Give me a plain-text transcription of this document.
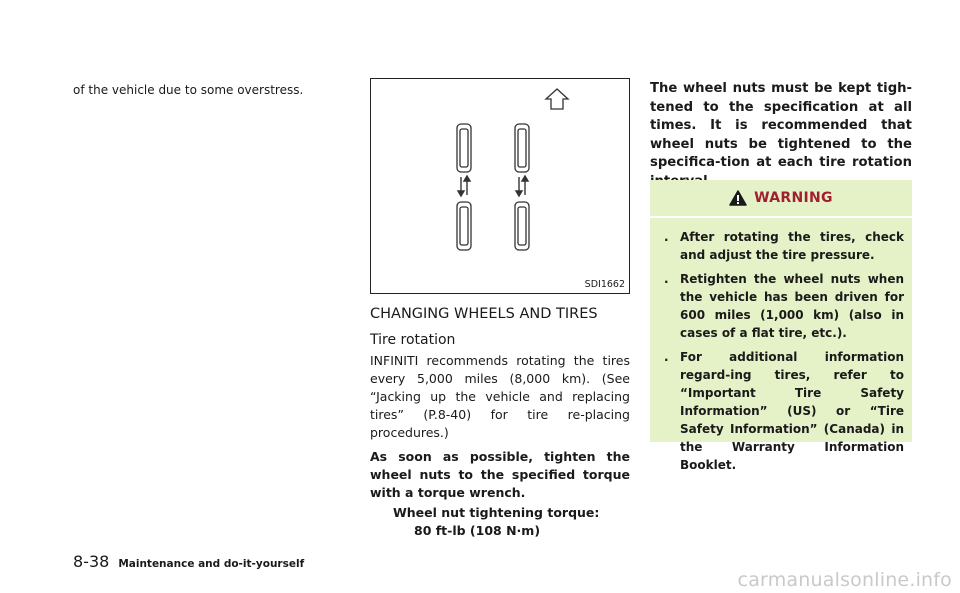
of the vehicle due to some overstress.
SDI1662
CHANGING WHEELS AND TIRES
Tire rotation
INFINITI recommends rotating the tires every 5,000 miles (8,000 km). (See “Jacking up the vehicle and replacing tires” (P.8-40) for tire re-placing procedures.)
As soon as possible, tighten the wheel nuts to the specified torque with a torque wrench.
Wheel nut tightening torque:
80 ft-lb (108 N·m)
The wheel nuts must be kept tigh-tened to the specification at all times. It is recommended that wheel nuts be tightened to the specifica-tion at each tire rotation
WARNING
. After rotating the tires, check and adjust the tire pressure.
. Retighten the wheel nuts when the vehicle has been driven for 600 miles (1,000 km) (also in cases of a flat tire, etc.).
. For additional information regard-ing tires, refer to “Important Tire Safety Information” (US) or “Tire Safety Information” (Canada) in the Warranty Information Booklet.
8-38 Maintenance and do-it-yourself
carmanualsonline.info
